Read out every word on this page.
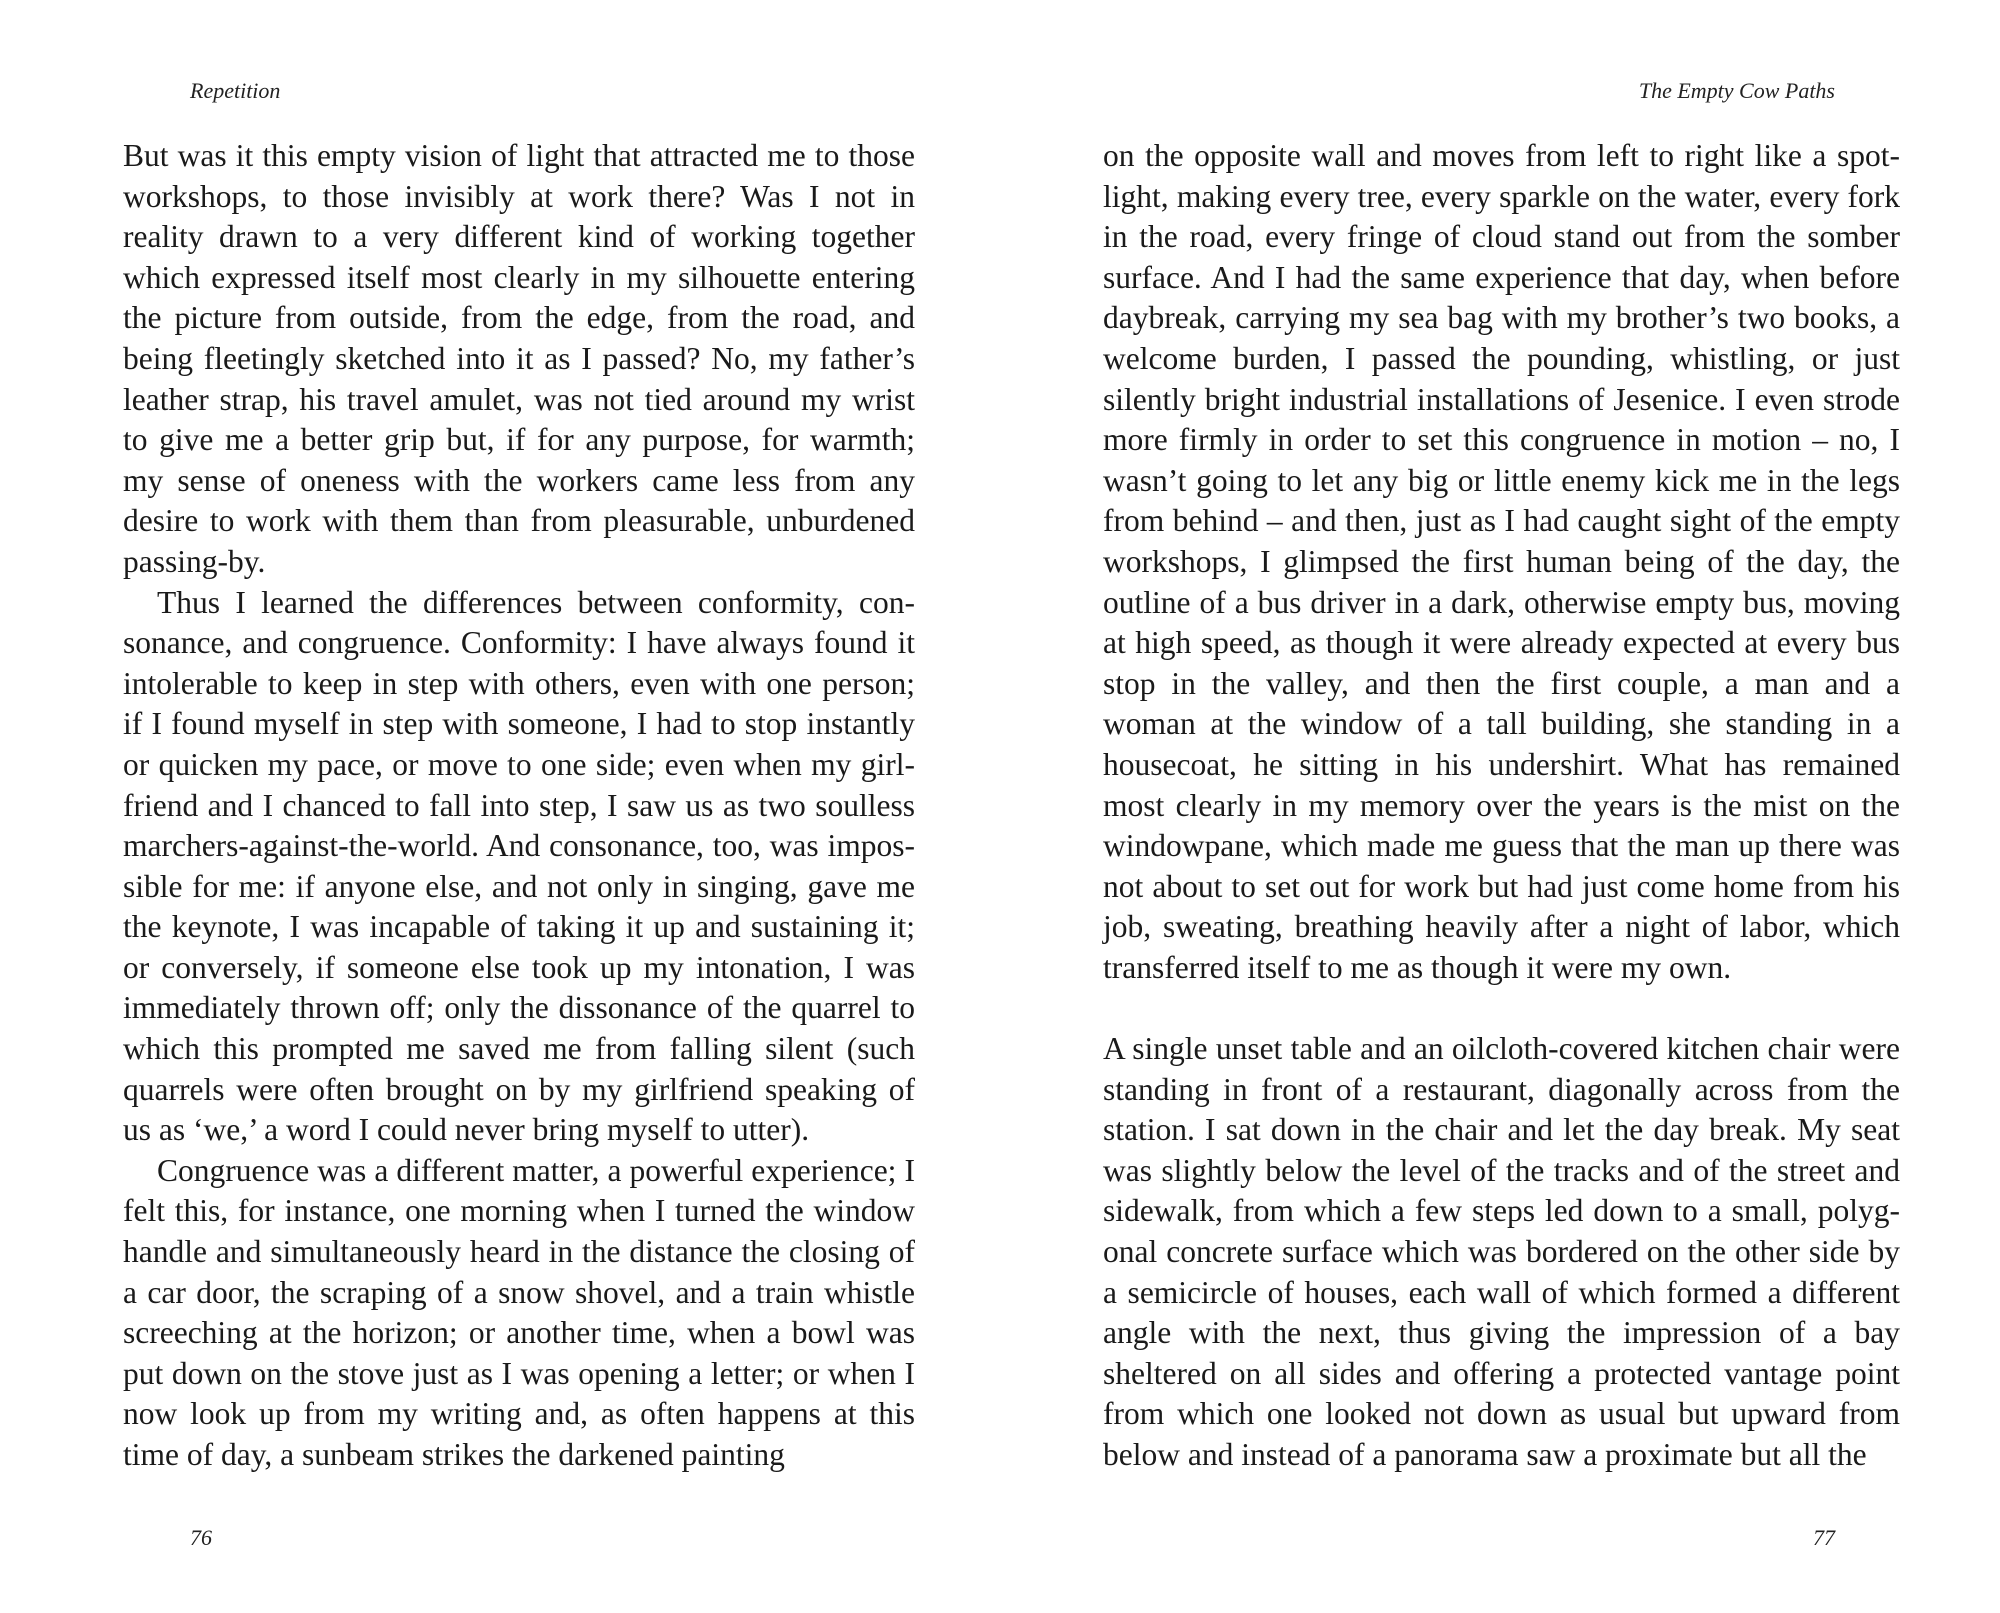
Repetition

But was it this empty vision of light that attracted me to those workshops, to those invisibly at work there? Was I not in reality drawn to a very different kind of working together which expressed itself most clearly in my silhouette entering the picture from outside, from the edge, from the road, and being fleetingly sketched into it as I passed? No, my father’s leather strap, his travel amulet, was not tied around my wrist to give me a better grip but, if for any purpose, for warmth; my sense of oneness with the workers came less from any desire to work with them than from pleasurable, unburdened passing-by.

Thus I learned the differences between conformity, consonance, and congruence. Conformity: I have always found it intolerable to keep in step with others, even with one person; if I found myself in step with someone, I had to stop instantly or quicken my pace, or move to one side; even when my girlfriend and I chanced to fall into step, I saw us as two soulless marchers-against-the-world. And consonance, too, was impossible for me: if anyone else, and not only in singing, gave me the keynote, I was incapable of taking it up and sustaining it; or conversely, if someone else took up my intonation, I was immediately thrown off; only the dissonance of the quarrel to which this prompted me saved me from falling silent (such quarrels were often brought on by my girlfriend speaking of us as ‘we,’ a word I could never bring myself to utter).

Congruence was a different matter, a powerful experience; I felt this, for instance, one morning when I turned the window handle and simultaneously heard in the distance the closing of a car door, the scraping of a snow shovel, and a train whistle screeching at the horizon; or another time, when a bowl was put down on the stove just as I was opening a letter; or when I now look up from my writing and, as often happens at this time of day, a sunbeam strikes the darkened painting

76
The Empty Cow Paths

on the opposite wall and moves from left to right like a spotlight, making every tree, every sparkle on the water, every fork in the road, every fringe of cloud stand out from the somber surface. And I had the same experience that day, when before daybreak, carrying my sea bag with my brother’s two books, a welcome burden, I passed the pounding, whistling, or just silently bright industrial installations of Jesenice. I even strode more firmly in order to set this congruence in motion – no, I wasn’t going to let any big or little enemy kick me in the legs from behind – and then, just as I had caught sight of the empty workshops, I glimpsed the first human being of the day, the outline of a bus driver in a dark, otherwise empty bus, moving at high speed, as though it were already expected at every bus stop in the valley, and then the first couple, a man and a woman at the window of a tall building, she standing in a housecoat, he sitting in his undershirt. What has remained most clearly in my memory over the years is the mist on the windowpane, which made me guess that the man up there was not about to set out for work but had just come home from his job, sweating, breathing heavily after a night of labor, which transferred itself to me as though it were my own.

A single unset table and an oilcloth-covered kitchen chair were standing in front of a restaurant, diagonally across from the station. I sat down in the chair and let the day break. My seat was slightly below the level of the tracks and of the street and sidewalk, from which a few steps led down to a small, polygonal concrete surface which was bordered on the other side by a semicircle of houses, each wall of which formed a different angle with the next, thus giving the impression of a bay sheltered on all sides and offering a protected vantage point from which one looked not down as usual but upward from below and instead of a panorama saw a proximate but all the

77
